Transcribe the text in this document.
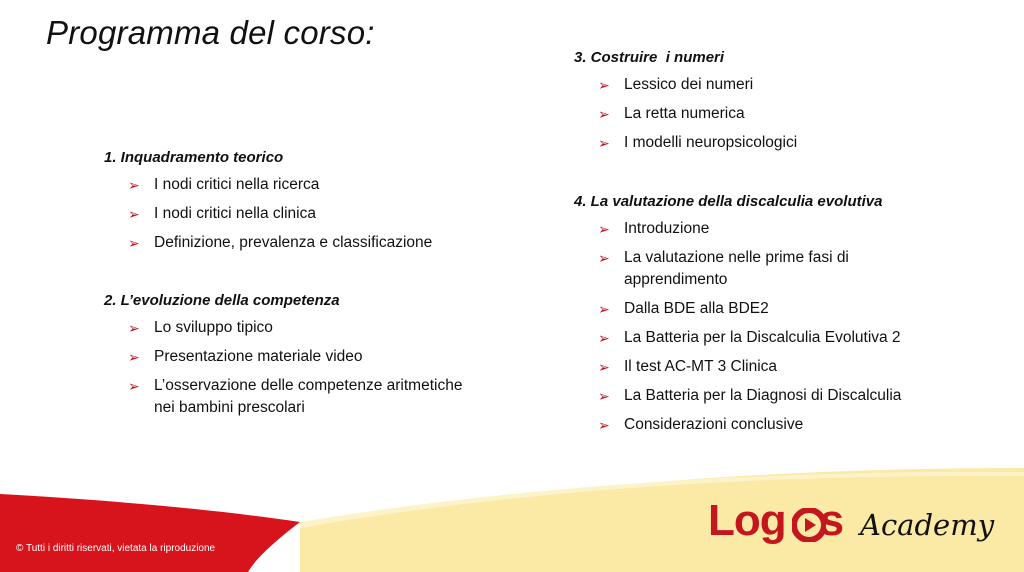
Programma del corso:
1. Inquadramento teorico
➢ I nodi critici nella ricerca
➢ I nodi critici nella clinica
➢ Definizione, prevalenza e classificazione
2. L’evoluzione della competenza
➢ Lo sviluppo tipico
➢ Presentazione materiale video
➢ L’osservazione delle competenze aritmetiche nei bambini prescolari
3. Costruire  i numeri
➢ Lessico dei numeri
➢ La retta numerica
➢ I modelli neuropsicologici
4. La valutazione della discalculia evolutiva
➢ Introduzione
➢ La valutazione nelle prime fasi di apprendimento
➢ Dalla BDE alla BDE2
➢ La Batteria per la Discalculia Evolutiva 2
➢ Il test AC-MT 3 Clinica
➢ La Batteria per la Diagnosi di Discalculia
➢ Considerazioni conclusive
© Tutti i diritti riservati, vietata la riproduzione
Log s Academy
